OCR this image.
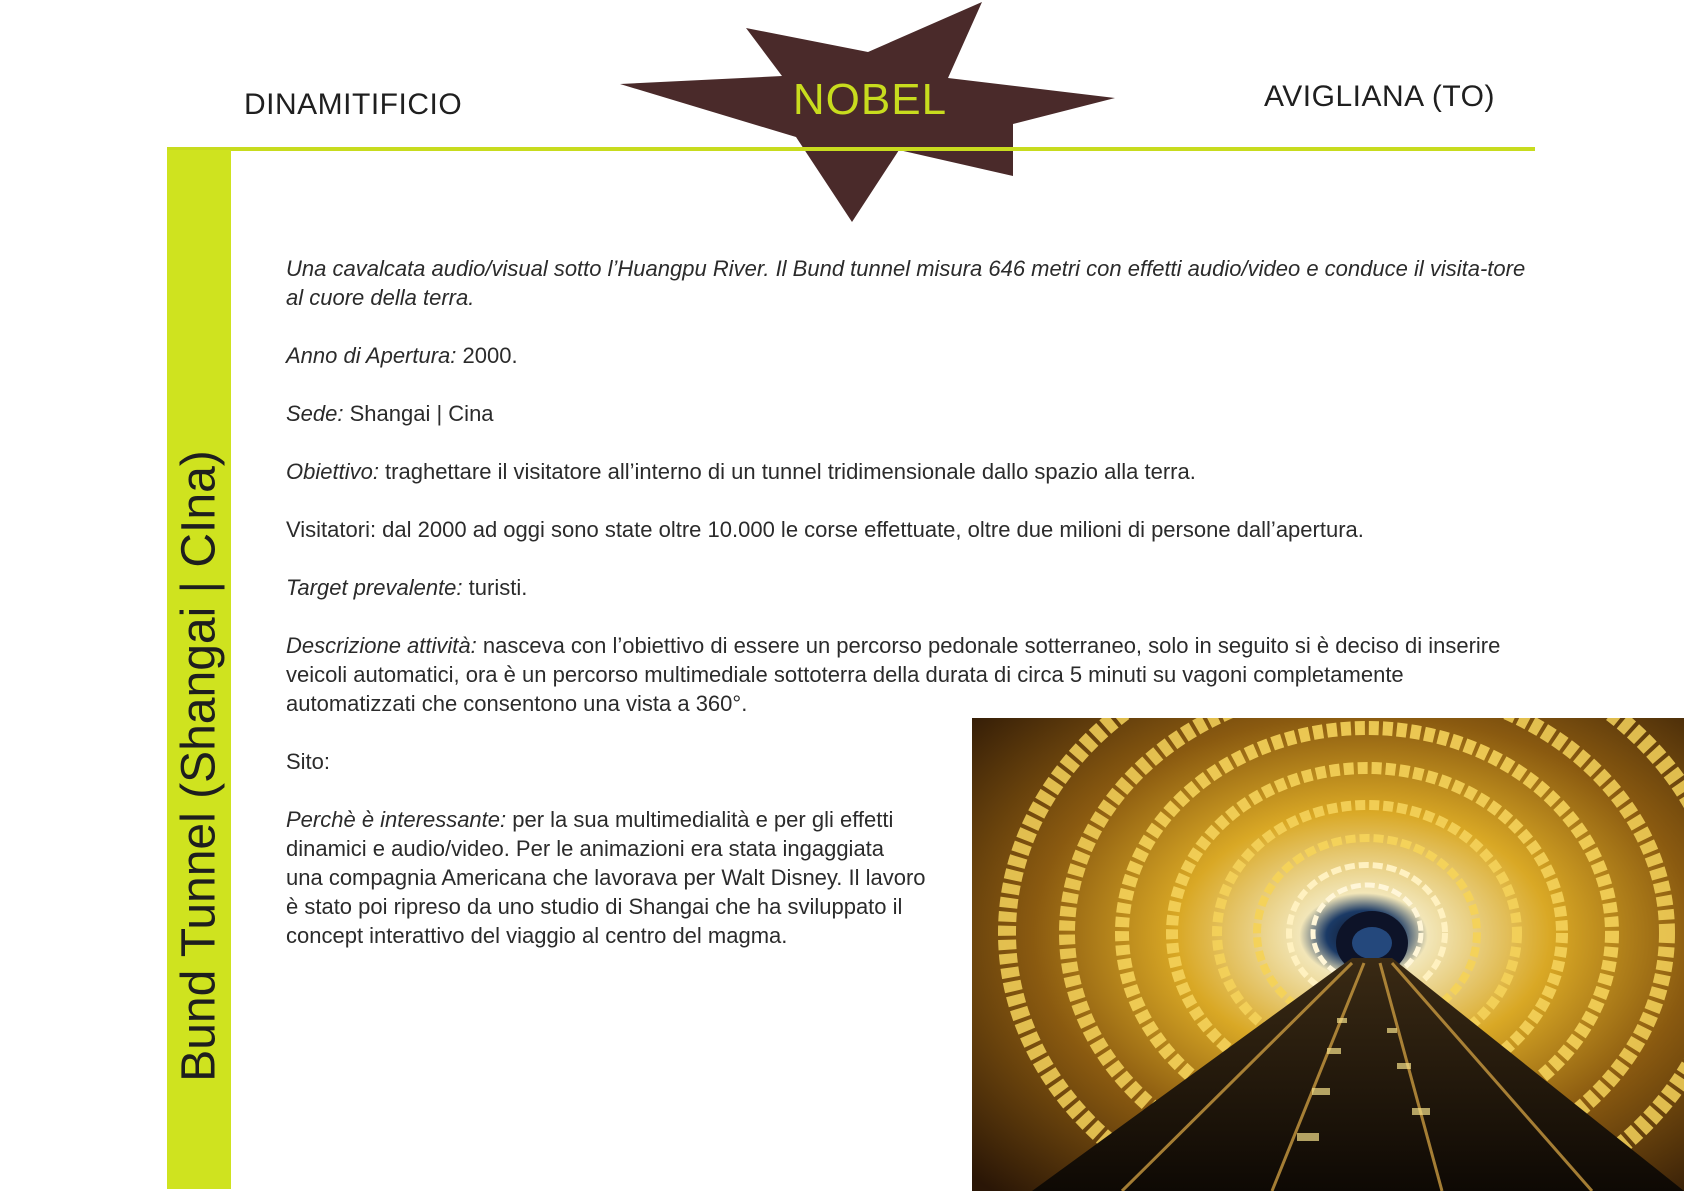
DINAMITIFICIO	AVIGLIANA (TO)
NOBEL
Bund Tunnel (Shangai | CIna)

Una cavalcata audio/visual sotto l’Huangpu River. Il Bund tunnel misura 646 metri con effetti audio/video e conduce il visita-tore al cuore della terra.

Anno di Apertura: 2000.

Sede: Shangai | Cina

Obiettivo: traghettare il visitatore all’interno di un tunnel tridimensionale dallo spazio alla terra.

Visitatori: dal 2000 ad oggi sono state oltre 10.000 le corse effettuate, oltre due milioni di persone dall’apertura.

Target prevalente: turisti.

Descrizione attività: nasceva con l’obiettivo di essere un percorso pedonale sotterraneo, solo in seguito si è deciso di inserire veicoli automatici, ora è un percorso multimediale sottoterra della durata di circa 5 minuti su vagoni completamente automatizzati che consentono una vista a 360°.

Sito:

Perchè è interessante: per la sua multimedialità e per gli effetti dinamici e audio/video. Per le animazioni era stata ingaggiata una compagnia Americana che lavorava per Walt Disney. Il lavoro è stato poi ripreso da uno studio di Shangai che ha sviluppato il concept interattivo del viaggio al centro del magma.
